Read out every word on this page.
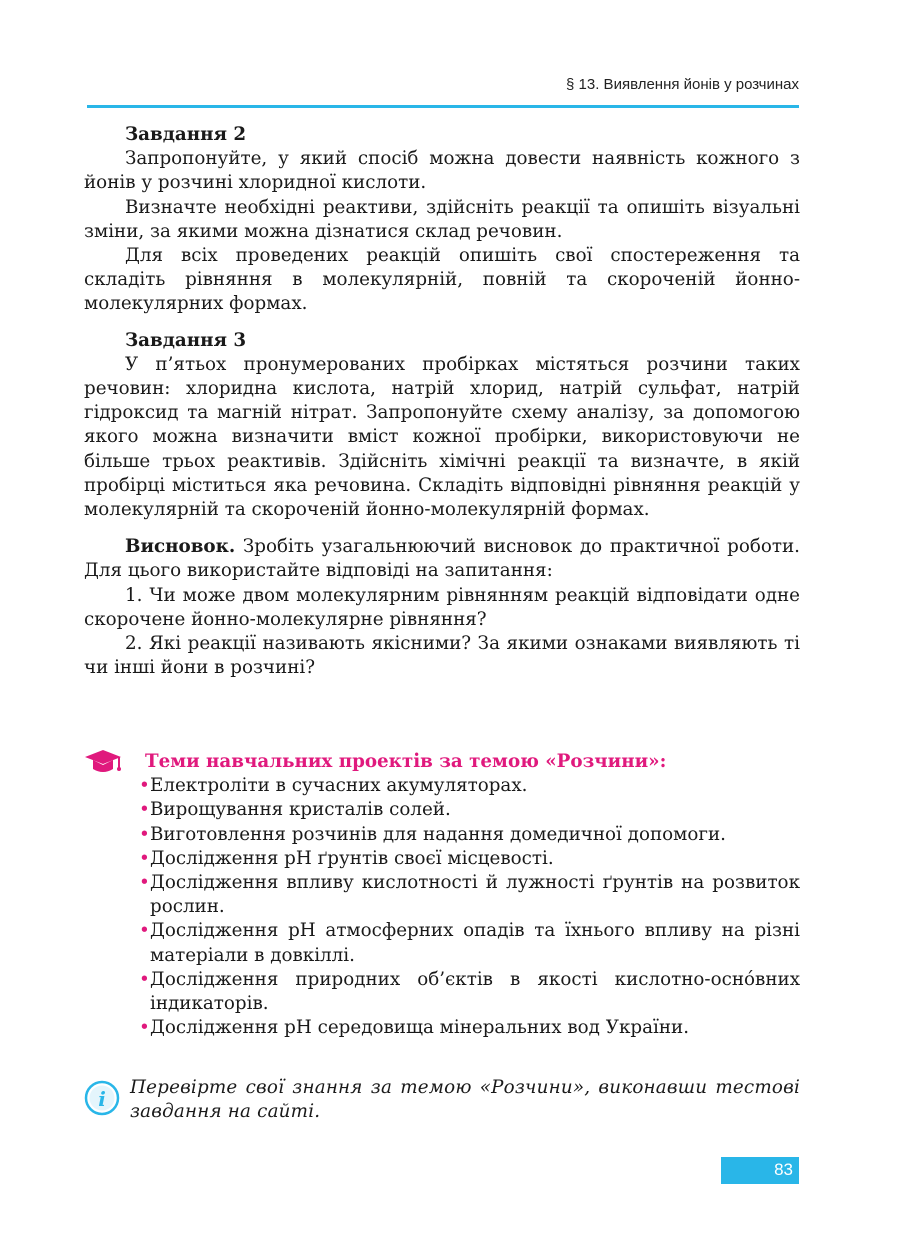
§ 13. Виявлення йонів у розчинах

Завдання 2

Запропонуйте, у який спосіб можна довести наявність кожного з йонів у розчині хлоридної кислоти.

Визначте необхідні реактиви, здійсніть реакції та опишіть візуальні зміни, за якими можна дізнатися склад речовин.

Для всіх проведених реакцій опишіть свої спостереження та складіть рівняння в молекулярній, повній та скороченій йонно-молекулярних формах.

Завдання 3

У п’ятьох пронумерованих пробірках містяться розчини таких речовин: хлоридна кислота, натрій хлорид, натрій сульфат, натрій гідроксид та магній нітрат. Запропонуйте схему аналізу, за допомогою якого можна визначити вміст кожної пробірки, використовуючи не більше трьох реактивів. Здійсніть хімічні реакції та визначте, в якій пробірці міститься яка речовина. Складіть відповідні рівняння реакцій у молекулярній та скороченій йонно-молекулярній формах.

Висновок. Зробіть узагальнюючий висновок до практичної роботи. Для цього використайте відповіді на запитання:

1. Чи може двом молекулярним рівнянням реакцій відповідати одне скорочене йонно-молекулярне рівняння?

2. Які реакції називають якісними? За якими ознаками виявляють ті чи інші йони в розчині?

Теми навчальних проектів за темою «Розчини»:
• Електроліти в сучасних акумуляторах.
• Вирощування кристалів солей.
• Виготовлення розчинів для надання домедичної допомоги.
• Дослідження pH ґрунтів своєї місцевості.
• Дослідження впливу кислотності й лужності ґрунтів на розвиток рослин.
• Дослідження pH атмосферних опадів та їхнього впливу на різні матеріали в довкіллі.
• Дослідження природних об’єктів в якості кислотно-осно́вних індикаторів.
• Дослідження pH середовища мінеральних вод України.
i Перевірте свої знання за темою «Розчини», виконавши тестові завдання на сайті.
83
